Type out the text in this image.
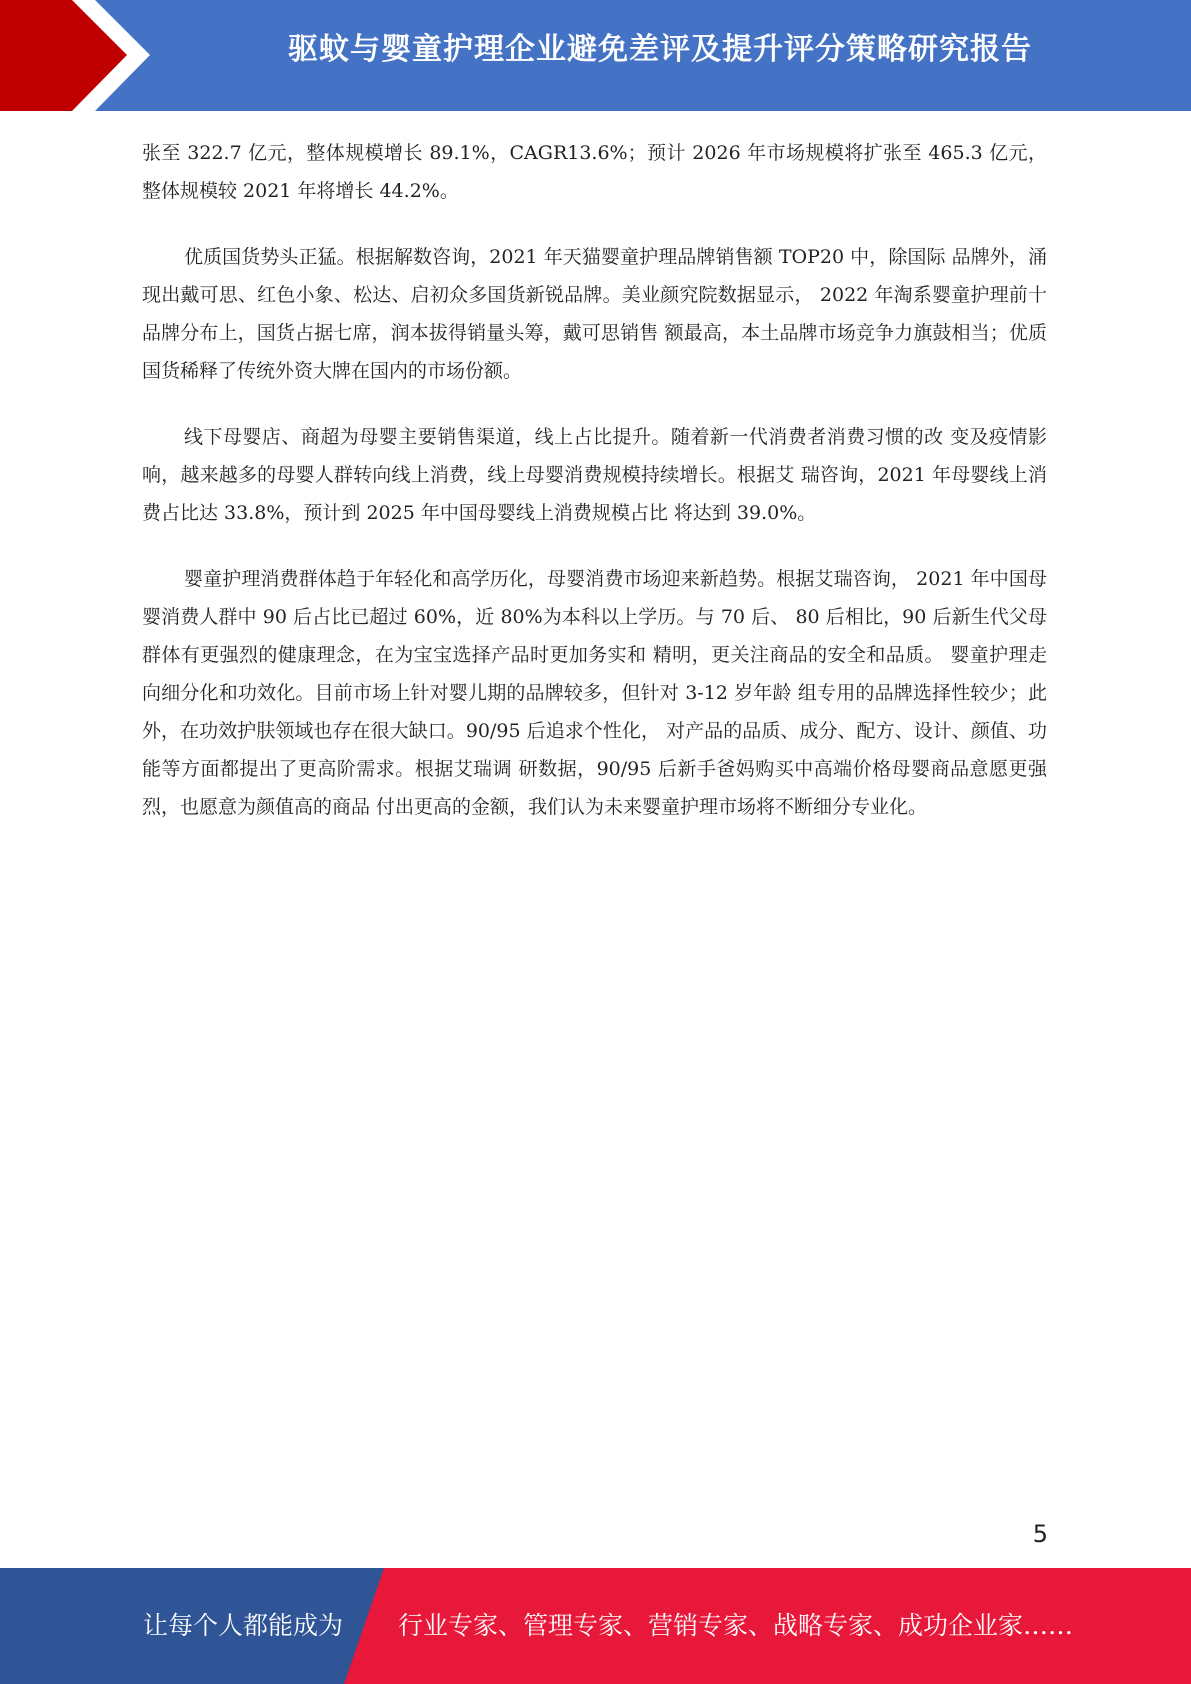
驱蚊与婴童护理企业避免差评及提升评分策略研究报告

张至 322.7 亿元，整体规模增长 89.1%，CAGR13.6%；预计 2026 年市场规模将扩张至 465.3 亿元，整体规模较 2021 年将增长 44.2%。

优质国货势头正猛。根据解数咨询，2021 年天猫婴童护理品牌销售额 TOP20 中，除国际 品牌外，涌现出戴可思、红色小象、松达、启初众多国货新锐品牌。美业颜究院数据显示， 2022 年淘系婴童护理前十品牌分布上，国货占据七席，润本拔得销量头筹，戴可思销售 额最高，本土品牌市场竞争力旗鼓相当；优质国货稀释了传统外资大牌在国内的市场份额。

线下母婴店、商超为母婴主要销售渠道，线上占比提升。随着新一代消费者消费习惯的改 变及疫情影响，越来越多的母婴人群转向线上消费，线上母婴消费规模持续增长。根据艾 瑞咨询，2021 年母婴线上消费占比达 33.8%，预计到 2025 年中国母婴线上消费规模占比 将达到 39.0%。

婴童护理消费群体趋于年轻化和高学历化，母婴消费市场迎来新趋势。根据艾瑞咨询， 2021 年中国母婴消费人群中 90 后占比已超过 60%，近 80%为本科以上学历。与 70 后、 80 后相比，90 后新生代父母群体有更强烈的健康理念，在为宝宝选择产品时更加务实和 精明，更关注商品的安全和品质。 婴童护理走向细分化和功效化。目前市场上针对婴儿期的品牌较多，但针对 3-12 岁年龄 组专用的品牌选择性较少；此外，在功效护肤领域也存在很大缺口。90/95 后追求个性化， 对产品的品质、成分、配方、设计、颜值、功能等方面都提出了更高阶需求。根据艾瑞调 研数据，90/95 后新手爸妈购买中高端价格母婴商品意愿更强烈，也愿意为颜值高的商品 付出更高的金额，我们认为未来婴童护理市场将不断细分专业化。

5
让每个人都能成为 行业专家、管理专家、营销专家、战略专家、成功企业家……
